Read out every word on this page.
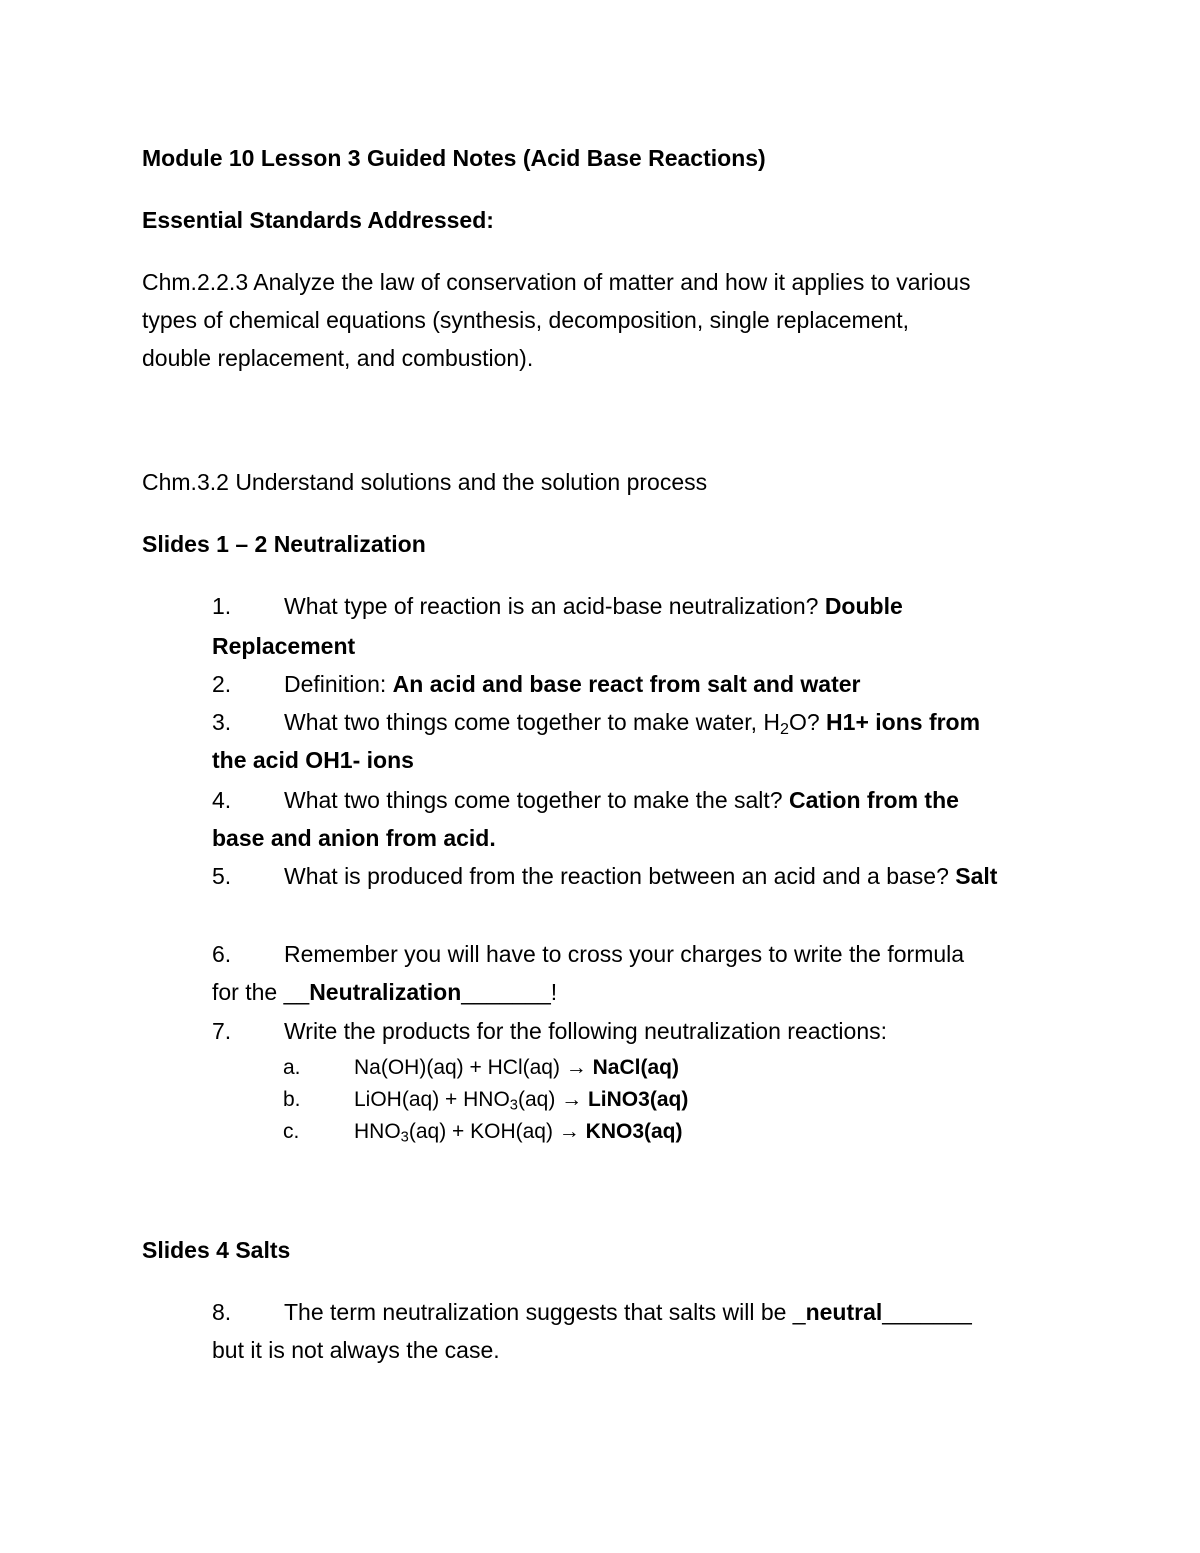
Module 10 Lesson 3 Guided Notes (Acid Base Reactions)
Essential Standards Addressed:
Chm.2.2.3 Analyze the law of conservation of matter and how it applies to various
types of chemical equations (synthesis, decomposition, single replacement,
double replacement, and combustion).
Chm.3.2 Understand solutions and the solution process
Slides 1 – 2 Neutralization
1. What type of reaction is an acid-base neutralization? Double
Replacement
2. Definition: An acid and base react from salt and water
3. What two things come together to make water, $H_2O$? H1+ ions from
the acid OH1- ions
4. What two things come together to make the salt? Cation from the
base and anion from acid.
5. What is produced from the reaction between an acid and a base? Salt
6. Remember you will have to cross your charges to write the formula
for the __Neutralization_______!
7. Write the products for the following neutralization reactions:
a.	Na(OH)(aq) + HCl(aq) → NaCl(aq)
b.	LiOH(aq) + $HNO_3(aq)$ → LiNO3(aq)
c.	$HNO_3(aq) + KOH(aq) \to KNO3(aq)$
Slides 4 Salts
8. The term neutralization suggests that salts will be _neutral_______
but it is not always the case.
